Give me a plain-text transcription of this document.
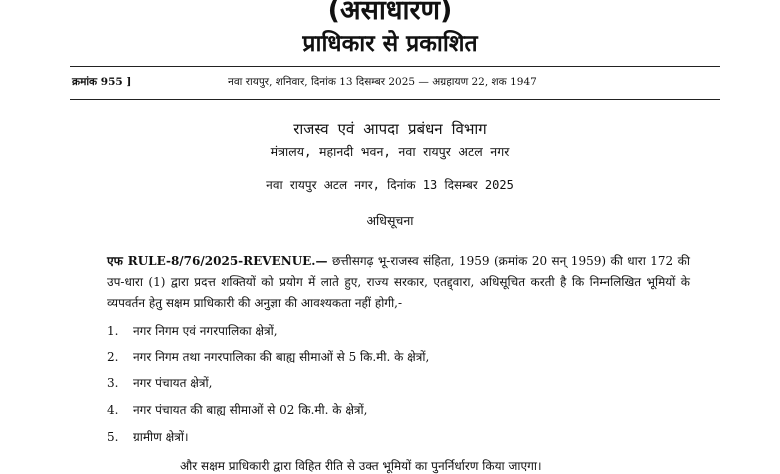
(असाधारण)
प्राधिकार से प्रकाशित
क्रमांक 955 ]	नवा रायपुर, शनिवार, दिनांक 13 दिसम्बर 2025 — अग्रहायण 22, शक 1947
राजस्व एवं आपदा प्रबंधन विभाग
मंत्रालय, महानदी भवन, नवा रायपुर अटल नगर
नवा रायपुर अटल नगर, दिनांक 13 दिसम्बर 2025
अधिसूचना
एफ RULE-8/76/2025-REVENUE.— छत्तीसगढ़ भू-राजस्व संहिता, 1959 (क्रमांक 20 सन् 1959) की धारा 172 की उप-धारा (1) द्वारा प्रदत्त शक्तियों को प्रयोग में लाते हुए, राज्य सरकार, एतद्द्वारा, अधिसूचित करती है कि निम्नलिखित भूमियों के व्यपवर्तन हेतु सक्षम प्राधिकारी की अनुज्ञा की आवश्यकता नहीं होगी,-
1. नगर निगम एवं नगरपालिका क्षेत्रों,
2. नगर निगम तथा नगरपालिका की बाह्य सीमाओं से 5 कि.मी. के क्षेत्रों,
3. नगर पंचायत क्षेत्रों,
4. नगर पंचायत की बाह्य सीमाओं से 02 कि.मी. के क्षेत्रों,
5. ग्रामीण क्षेत्रों।
और सक्षम प्राधिकारी द्वारा विहित रीति से उक्त भूमियों का पुनर्निर्धारण किया जाएगा।
